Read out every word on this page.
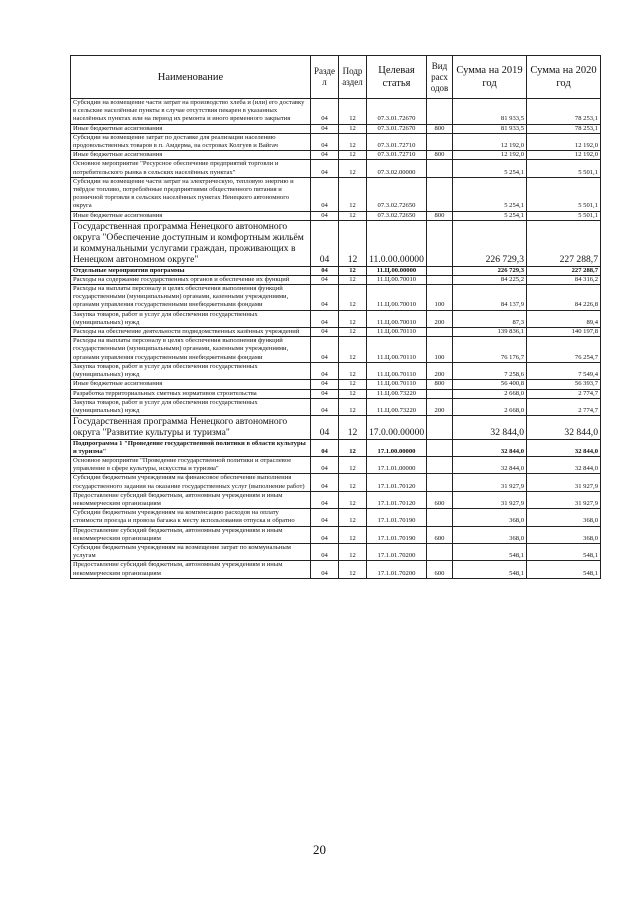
Наименование	Разде л	Подр аздел	Целевая статья	Вид расх одов	Сумма на 2019 год	Сумма на 2020 год
Субсидии на возмещение части затрат на производство хлеба и (или) его доставку в сельские населённые пункты в случае отсутствия пекарен в указанных населённых пунктах или на период их ремонта и иного временного закрытия	04	12	07.3.01.72670		81 933,5	78 253,1
Иные бюджетные ассигнования	04	12	07.3.01.72670	800	81 933,5	78 253,1
Субсидии на возмещение затрат по доставке для реализации населению продовольственных товаров в п. Амдерма, на островах Колгуев и Вайгач	04	12	07.3.01.72710		12 192,0	12 192,0
Иные бюджетные ассигнования	04	12	07.3.01.72710	800	12 192,0	12 192,0
Основное мероприятие "Ресурсное обеспечение предприятий торговли и потребительского рынка в сельских населённых пунктах"	04	12	07.3.02.00000		5 254,1	5 501,1
Субсидии на возмещение части затрат на электрическую, тепловую энергию и твёрдое топливо, потреблённые предприятиями общественного питания и розничной торговли в сельских населённых пунктах Ненецкого автономного округа	04	12	07.3.02.72650		5 254,1	5 501,1
Иные бюджетные ассигнования	04	12	07.3.02.72650	800	5 254,1	5 501,1
Государственная программа Ненецкого автономного округа "Обеспечение доступным и комфортным жильём и коммунальными услугами граждан, проживающих в Ненецком автономном округе"	04	12	11.0.00.00000		226 729,3	227 288,7
Отдельные мероприятия программы	04	12	11.Ц.00.00000		226 729,3	227 288,7
Расходы на содержание государственных органов и обеспечение их функций	04	12	11.Ц.00.70010		84 225,2	84 316,2
Расходы на выплаты персоналу в целях обеспечения выполнения функций государственными (муниципальными) органами, казенными учреждениями, органами управления государственными внебюджетными фондами	04	12	11.Ц.00.70010	100	84 137,9	84 226,8
Закупка товаров, работ и услуг для обеспечения государственных (муниципальных) нужд	04	12	11.Ц.00.70010	200	87,3	89,4
Расходы на обеспечение деятельности подведомственных казённых учреждений	04	12	11.Ц.00.70110		139 836,1	140 197,8
Расходы на выплаты персоналу в целях обеспечения выполнения функций государственными (муниципальными) органами, казенными учреждениями, органами управления государственными внебюджетными фондами	04	12	11.Ц.00.70110	100	76 176,7	76 254,7
Закупка товаров, работ и услуг для обеспечения государственных (муниципальных) нужд	04	12	11.Ц.00.70110	200	7 258,6	7 549,4
Иные бюджетные ассигнования	04	12	11.Ц.00.70110	800	56 400,8	56 393,7
Разработка территориальных сметных нормативов строительства	04	12	11.Ц.00.73220		2 668,0	2 774,7
Закупка товаров, работ и услуг для обеспечения государственных (муниципальных) нужд	04	12	11.Ц.00.73220	200	2 668,0	2 774,7
Государственная программа Ненецкого автономного округа "Развитие культуры и туризма"	04	12	17.0.00.00000		32 844,0	32 844,0
Подпрограмма 1 "Проведение государственной политики в области культуры и туризма"	04	12	17.1.00.00000		32 844,0	32 844,0
Основное мероприятие "Проведение государственной политики и отраслевое управление в сфере культуры, искусства и туризма"	04	12	17.1.01.00000		32 844,0	32 844,0
Субсидии бюджетным учреждениям на финансовое обеспечение выполнения государственного задания на оказание государственных услуг (выполнение работ)	04	12	17.1.01.70120		31 927,9	31 927,9
Предоставление субсидий бюджетным, автономным учреждениям и иным некоммерческим организациям	04	12	17.1.01.70120	600	31 927,9	31 927,9
Субсидии бюджетным учреждениям на компенсацию расходов на оплату стоимости проезда и провоза багажа к месту использования отпуска и обратно	04	12	17.1.01.70190		368,0	368,0
Предоставление субсидий бюджетным, автономным учреждениям и иным некоммерческим организациям	04	12	17.1.01.70190	600	368,0	368,0
Субсидии бюджетным учреждениям на возмещение затрат по коммунальным услугам	04	12	17.1.01.70200		548,1	548,1
Предоставление субсидий бюджетным, автономным учреждениям и иным некоммерческим организациям	04	12	17.1.01.70200	600	548,1	548,1
20
